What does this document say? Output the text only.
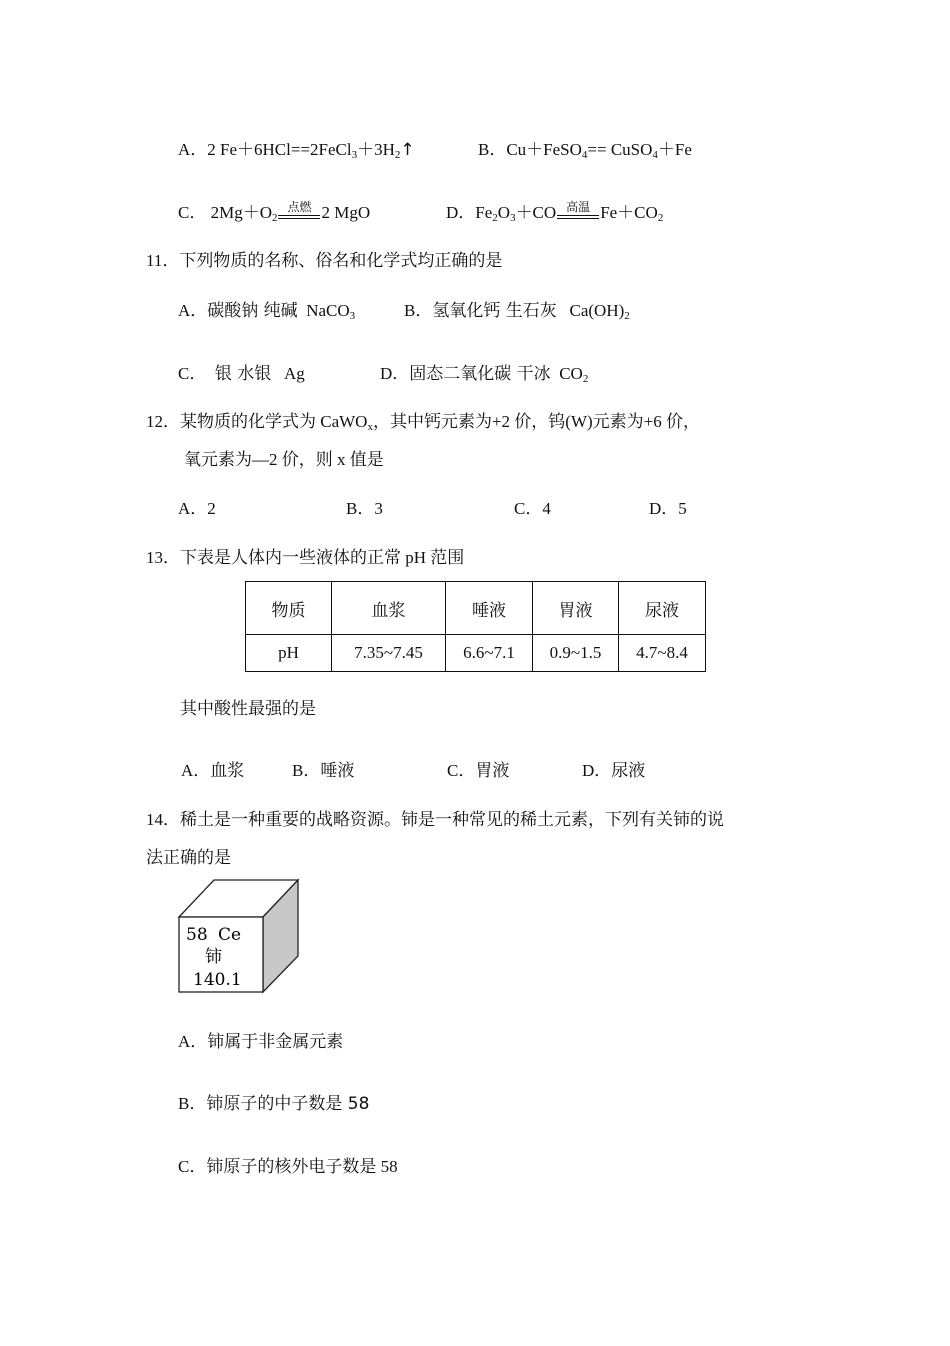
A．2 $Fe+6HCl==2FeCl_3+3H_2↑$	B．Cu＋FeSO$_4$== CuSO$_4$＋Fe
C． $2Mg+O_2$
点燃 2 MgO	D．$Fe_2O_3+CO$ 高温 $Fe+CO_2$
11．下列物质的名称、俗名和化学式均正确的是
A．碳酸钠 纯碱 NaCO$_3$	B．氢氧化钙 生石灰 $Ca(OH)_2$
C． 银 水银 Ag	D．固态二氧化碳 干冰 $CO_2$
12．某物质的化学式为 CaWO$_x$，其中钙元素为+2 价，钨(W)元素为+6 价，
氧元素为—2 价，则 x 值是
A．2	B．3	C．4	D．5
13．下表是人体内一些液体的正常 pH 范围
物质	血浆	唾液	胃液	尿液
pH	7.35~7.45	6.6~7.1	0.9~1.5	4.7~8.4
其中酸性最强的是
A．血浆	B．唾液	C．胃液	D．尿液
14．稀土是一种重要的战略资源。铈是一种常见的稀土元素，下列有关铈的说
法正确的是
58 Ce
铈
140.1
A．铈属于非金属元素
B．铈原子的中子数是 58
C．铈原子的核外电子数是 58
